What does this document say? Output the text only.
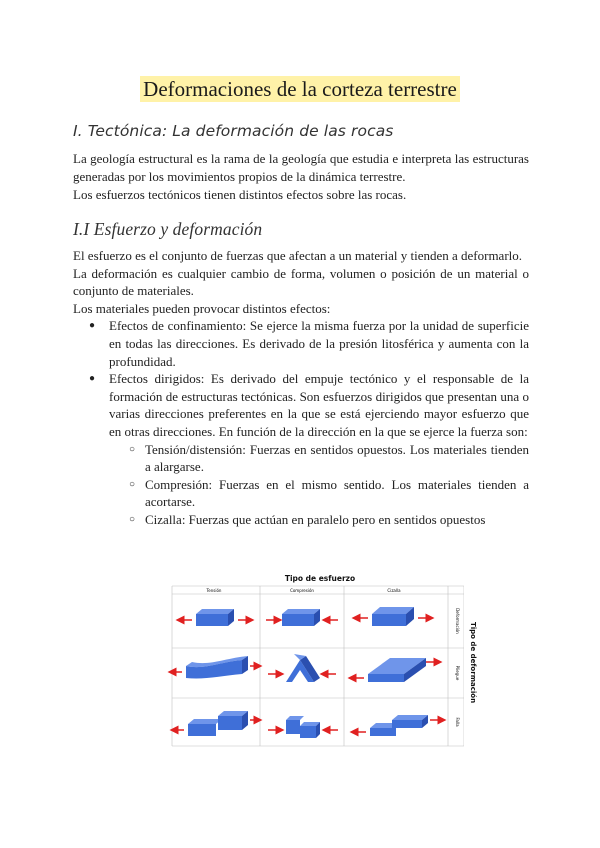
Deformaciones de la corteza terrestre
I. Tectónica: La deformación de las rocas

La geología estructural es la rama de la geología que estudia e interpreta las estructuras generadas por los movimientos propios de la dinámica terrestre.

Los esfuerzos tectónicos tienen distintos efectos sobre las rocas.

I.I Esfuerzo y deformación

El esfuerzo es el conjunto de fuerzas que afectan a un material y tienden a deformarlo.

La deformación es cualquier cambio de forma, volumen o posición de un material o conjunto de materiales.

Los materiales pueden provocar distintos efectos:

● Efectos de confinamiento: Se ejerce la misma fuerza por la unidad de superficie en todas las direcciones. Es derivado de la presión litosférica y aumenta con la profundidad.
● Efectos dirigidos: Es derivado del empuje tectónico y el responsable de la formación de estructuras tectónicas. Son esfuerzos dirigidos que presentan una o varias direcciones preferentes en la que se está ejerciendo mayor esfuerzo que en otras direcciones. En función de la dirección en la que se ejerce la fuerza son:
○ Tensión/distensión: Fuerzas en sentidos opuestos. Los materiales tienden a alargarse.
○ Compresión: Fuerzas en el mismo sentido. Los materiales tienden a acortarse.
○ Cizalla: Fuerzas que actúan en paralelo pero en sentidos opuestos
Tipo de esfuerzo
Tipo de deformación
Tensión	Compresión	Cizalla
Deformación
Pliegue
Falla
